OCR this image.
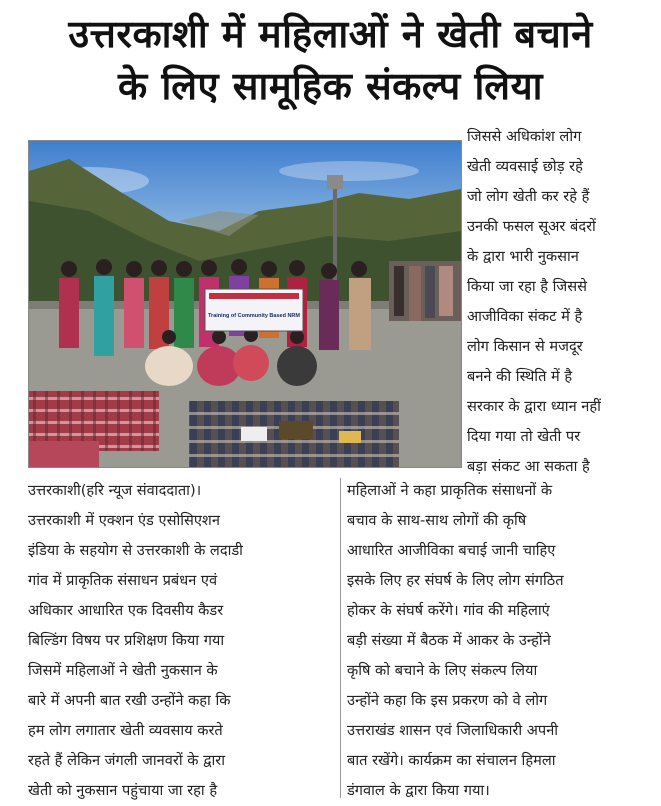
उत्तरकाशी में महिलाओं ने खेती बचाने
के लिए सामूहिक संकल्प लिया
Training of Community Based NRM
जिससे अधिकांश लोग
खेती व्यवसाई छोड़ रहे
जो लोग खेती कर रहे हैं
उनकी फसल सूअर बंदरों
के द्वारा भारी नुकसान
किया जा रहा है जिससे
आजीविका संकट में है
लोग किसान से मजदूर
बनने की स्थिति में है
सरकार के द्वारा ध्यान नहीं
दिया गया तो खेती पर
बड़ा संकट आ सकता है
उत्तरकाशी(हरि न्यूज संवाददाता)।
उत्तरकाशी में एक्शन एंड एसोसिएशन
इंडिया के सहयोग से उत्तरकाशी के लदाडी
गांव में प्राकृतिक संसाधन प्रबंधन एवं
अधिकार आधारित एक दिवसीय कैडर
बिल्डिंग विषय पर प्रशिक्षण किया गया
जिसमें महिलाओं ने खेती नुकसान के
बारे में अपनी बात रखी उन्होंने कहा कि
हम लोग लगातार खेती व्यवसाय करते
रहते हैं लेकिन जंगली जानवरों के द्वारा
खेती को नुकसान पहुंचाया जा रहा है
महिलाओं ने कहा प्राकृतिक संसाधनों के
बचाव के साथ-साथ लोगों की कृषि
आधारित आजीविका बचाई जानी चाहिए
इसके लिए हर संघर्ष के लिए लोग संगठित
होकर के संघर्ष करेंगे। गांव की महिलाएं
बड़ी संख्या में बैठक में आकर के उन्होंने
कृषि को बचाने के लिए संकल्प लिया
उन्होंने कहा कि इस प्रकरण को वे लोग
उत्तराखंड शासन एवं जिलाधिकारी अपनी
बात रखेंगे। कार्यक्रम का संचालन हिमला
डंगवाल के द्वारा किया गया।
